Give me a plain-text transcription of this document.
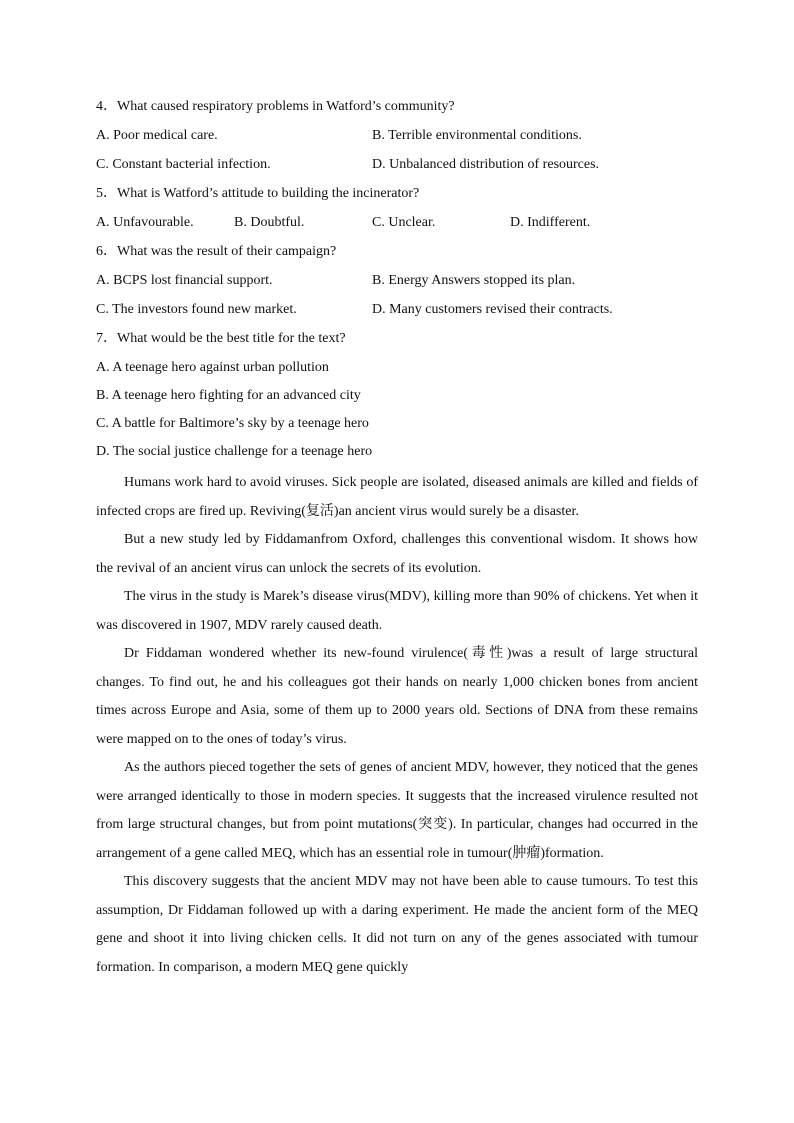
4．What caused respiratory problems in Watford’s community?
A. Poor medical care.	B. Terrible environmental conditions.
C. Constant bacterial infection.	D. Unbalanced distribution of resources.
5．What is Watford’s attitude to building the incinerator?
A. Unfavourable.	B. Doubtful.	C. Unclear.	D. Indifferent.
6．What was the result of their campaign?
A. BCPS lost financial support.	B. Energy Answers stopped its plan.
C. The investors found new market.	D. Many customers revised their contracts.
7．What would be the best title for the text?
A. A teenage hero against urban pollution
B. A teenage hero fighting for an advanced city
C. A battle for Baltimore’s sky by a teenage hero
D. The social justice challenge for a teenage hero

Humans work hard to avoid viruses. Sick people are isolated, diseased animals are killed and fields of infected crops are fired up. Reviving(复活)an ancient virus would surely be a disaster.

But a new study led by Fiddamanfrom Oxford, challenges this conventional wisdom. It shows how the revival of an ancient virus can unlock the secrets of its evolution.

The virus in the study is Marek’s disease virus(MDV), killing more than 90% of chickens. Yet when it was discovered in 1907, MDV rarely caused death.

Dr Fiddaman wondered whether its new-found virulence(毒性)was a result of large structural changes. To find out, he and his colleagues got their hands on nearly 1,000 chicken bones from ancient times across Europe and Asia, some of them up to 2000 years old. Sections of DNA from these remains were mapped on to the ones of today’s virus.

As the authors pieced together the sets of genes of ancient MDV, however, they noticed that the genes were arranged identically to those in modern species. It suggests that the increased virulence resulted not from large structural changes, but from point mutations(突变). In particular, changes had occurred in the arrangement of a gene called MEQ, which has an essential role in tumour(肿瘤)formation.

This discovery suggests that the ancient MDV may not have been able to cause tumours. To test this assumption, Dr Fiddaman followed up with a daring experiment. He made the ancient form of the MEQ gene and shoot it into living chicken cells. It did not turn on any of the genes associated with tumour formation. In comparison, a modern MEQ gene quickly
